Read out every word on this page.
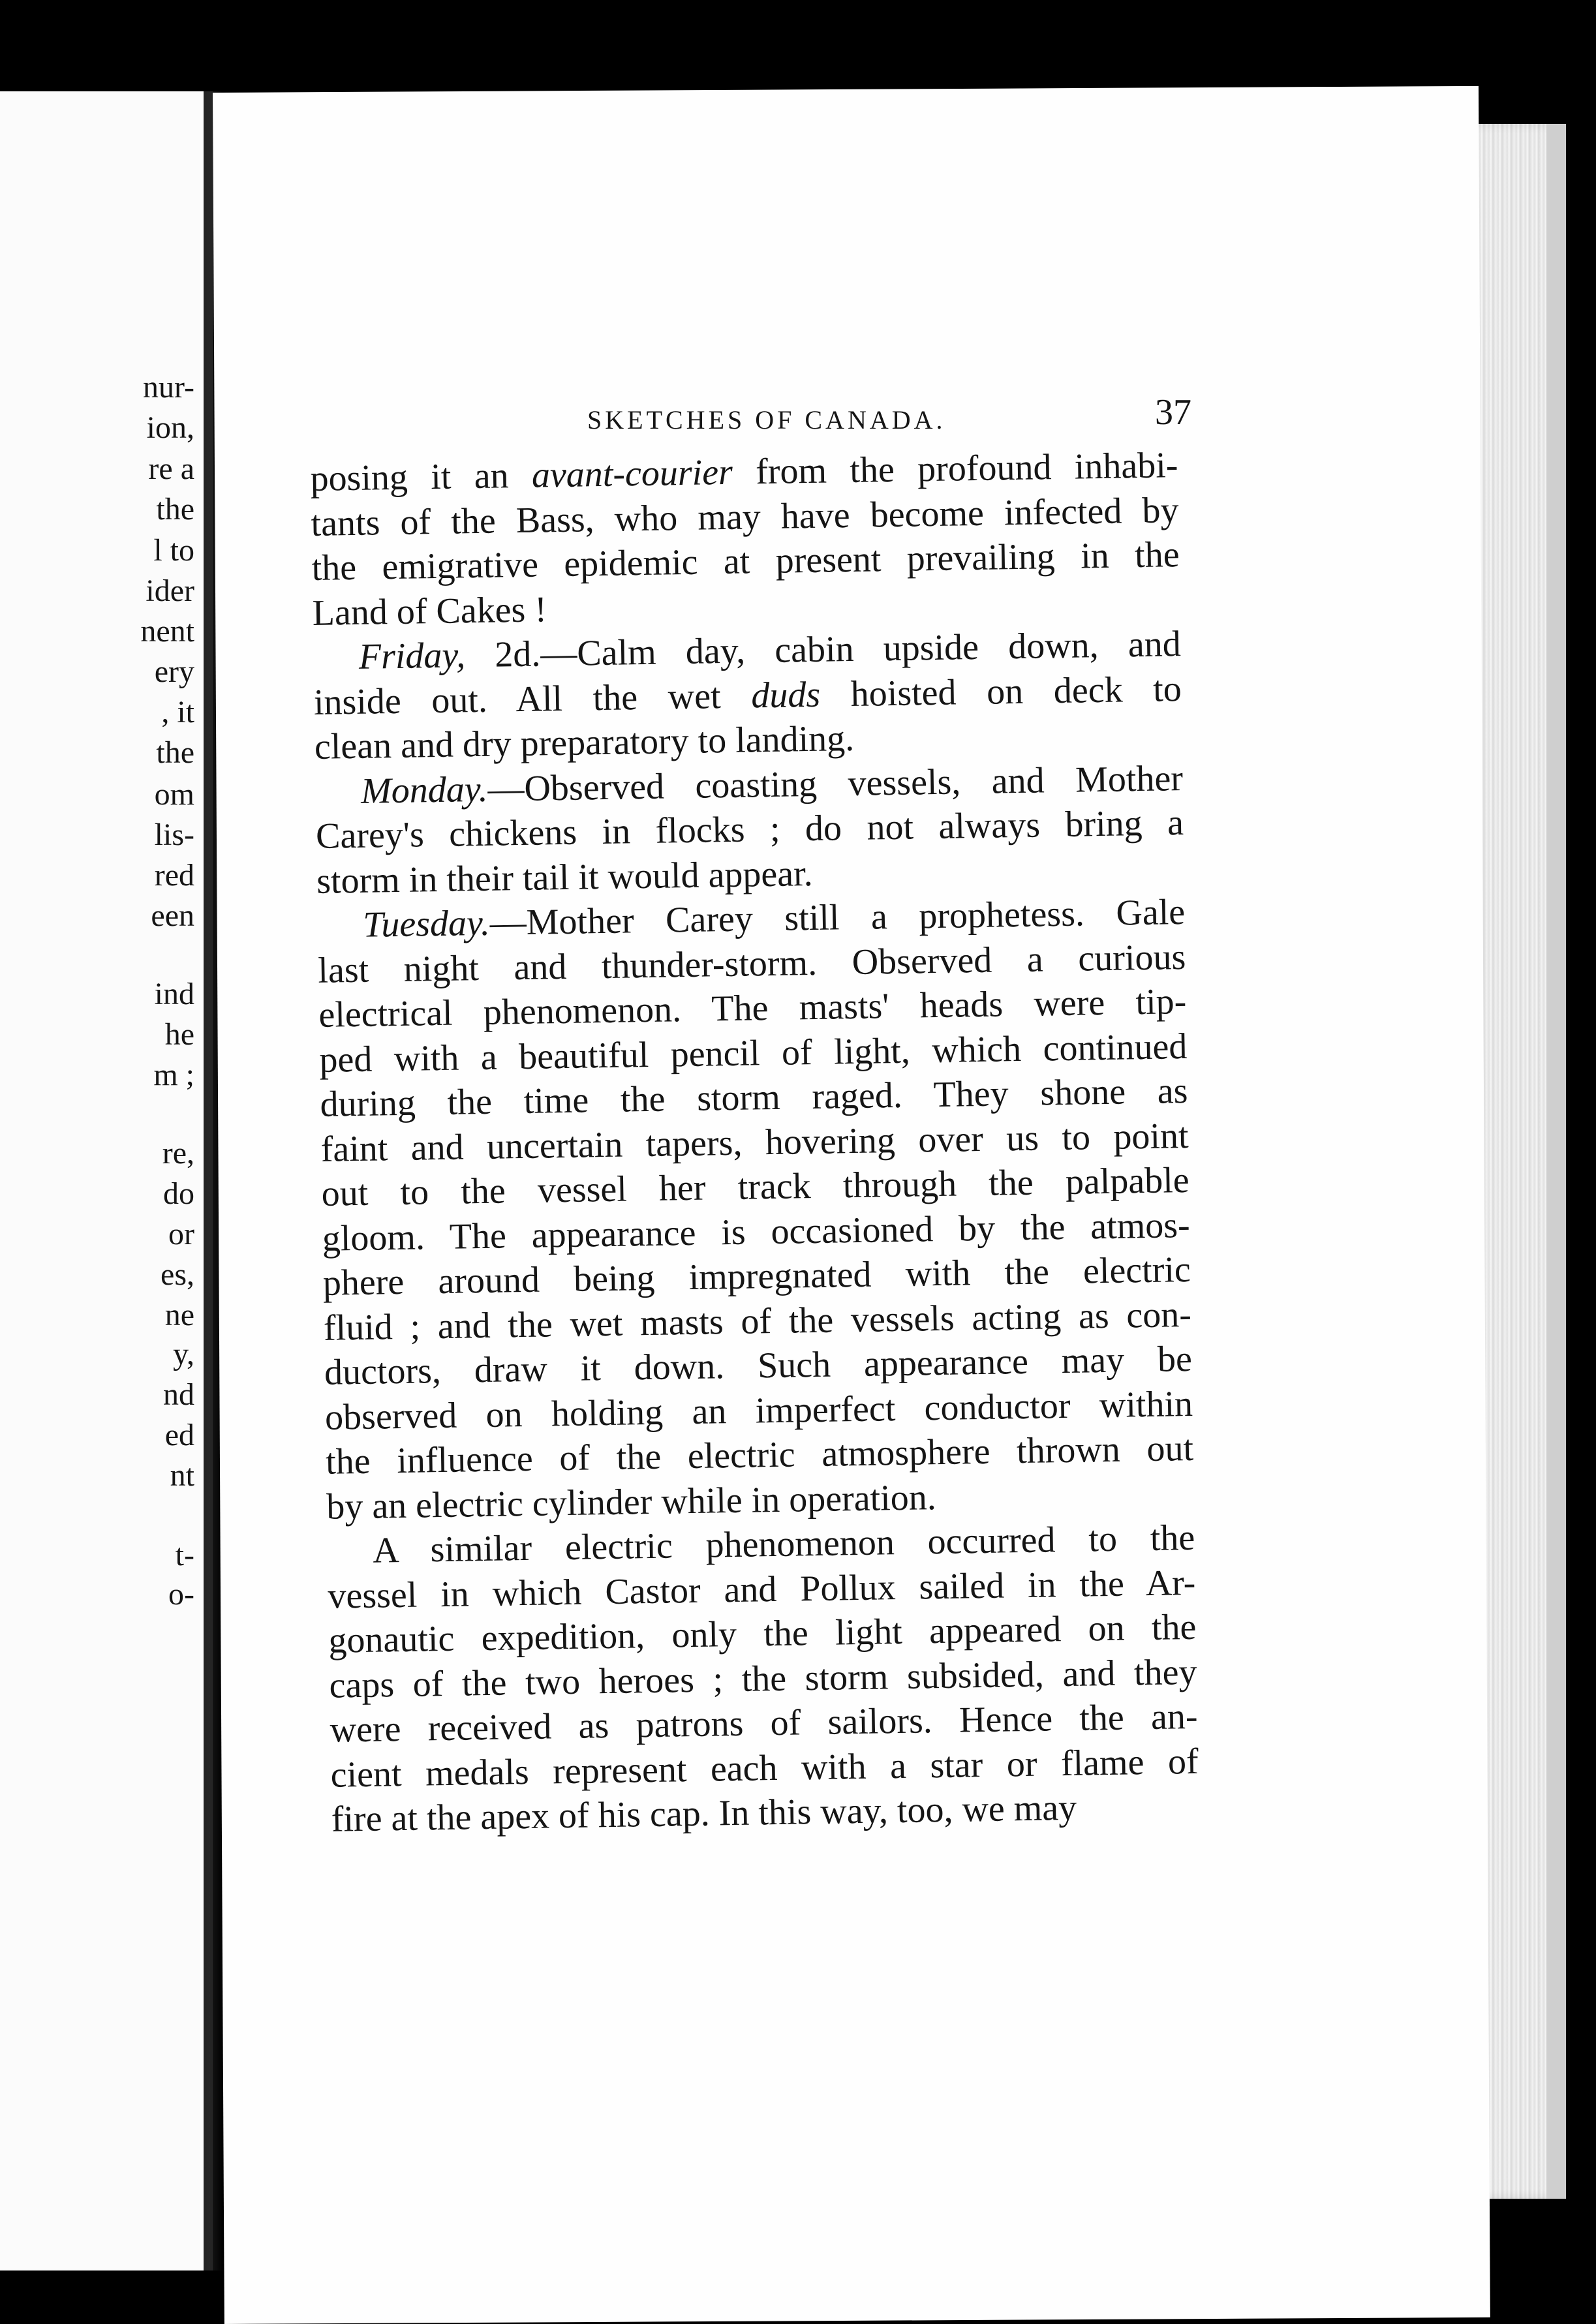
nur-
ion,
re a
the
l to
ider
nent
ery
, it
the
om
lis-
red
een
ind
he
m ;
re,
do
or
es,
ne
y,
nd
ed
nt
t-
o-
SKETCHES OF CANADA.	37

posing it an avant-courier from the profound inhabi-
tants of the Bass, who may have become infected by
the emigrative epidemic at present prevailing in the
Land of Cakes !

Friday, 2d.—Calm day, cabin upside down, and
inside out. All the wet duds hoisted on deck to
clean and dry preparatory to landing.

Monday.—Observed coasting vessels, and Mother
Carey's chickens in flocks ; do not always bring a
storm in their tail it would appear.

Tuesday.—Mother Carey still a prophetess. Gale
last night and thunder-storm. Observed a curious
electrical phenomenon. The masts' heads were tip-
ped with a beautiful pencil of light, which continued
during the time the storm raged. They shone as
faint and uncertain tapers, hovering over us to point
out to the vessel her track through the palpable
gloom. The appearance is occasioned by the atmos-
phere around being impregnated with the electric
fluid ; and the wet masts of the vessels acting as con-
ductors, draw it down. Such appearance may be
observed on holding an imperfect conductor within
the influence of the electric atmosphere thrown out
by an electric cylinder while in operation.

A similar electric phenomenon occurred to the
vessel in which Castor and Pollux sailed in the Ar-
gonautic expedition, only the light appeared on the
caps of the two heroes ; the storm subsided, and they
were received as patrons of sailors. Hence the an-
cient medals represent each with a star or flame of
fire at the apex of his cap. In this way, too, we may
